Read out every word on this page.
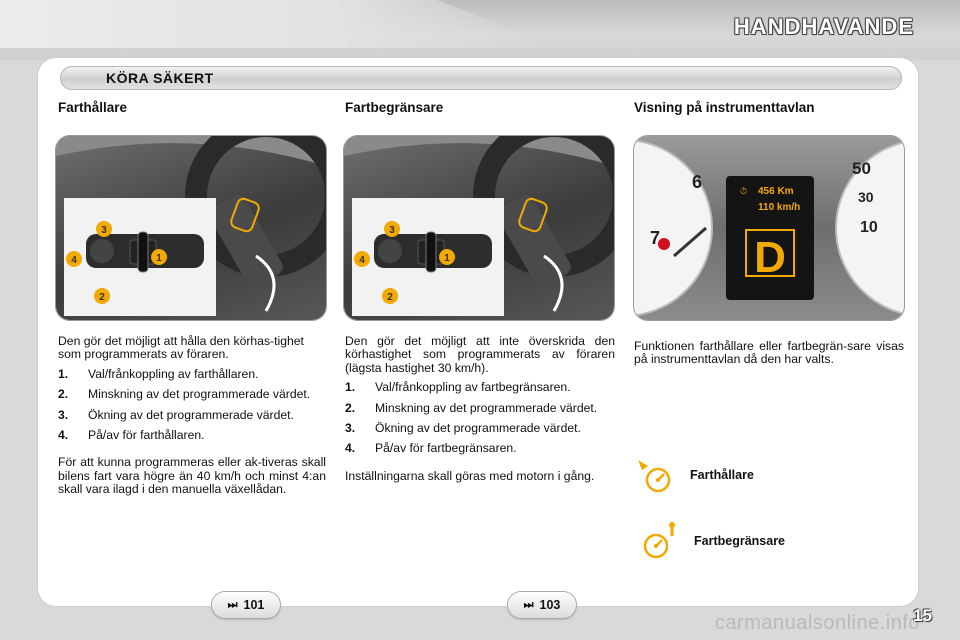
HANDHAVANDE
KÖRA SÄKERT
Farthållare	Fartbegränsare	Visning på instrumenttavlan
3
1
4
2
3
1
4
2
6
7
50
30
10
⏱ 456 Km
110 km/h
D

Den gör det möjligt att hålla den körhas-tighet som programmerats av föraren.

1.	Val/frånkoppling av farthållaren.
2.	Minskning av det programmerade värdet.
3.	Ökning av det programmerade värdet.
4.	På/av för farthållaren.

För att kunna programmeras eller ak-tiveras skall bilens fart vara högre än 40 km/h och minst 4:an skall vara ilagd i den manuella växellådan.

Den gör det möjligt att inte överskrida den körhastighet som programmerats av föraren (lägsta hastighet 30 km/h).

1.	Val/frånkoppling av fartbegränsaren.
2.	Minskning av det programmerade värdet.
3.	Ökning av det programmerade värdet.
4.	På/av för fartbegränsaren.

Inställningarna skall göras med motorn i gång.

Funktionen farthållare eller fartbegrän-sare visas på instrumenttavlan då den har valts.
Farthållare
Fartbegränsare
⏭ 101	⏭ 103
carmanualsonline.info
15
